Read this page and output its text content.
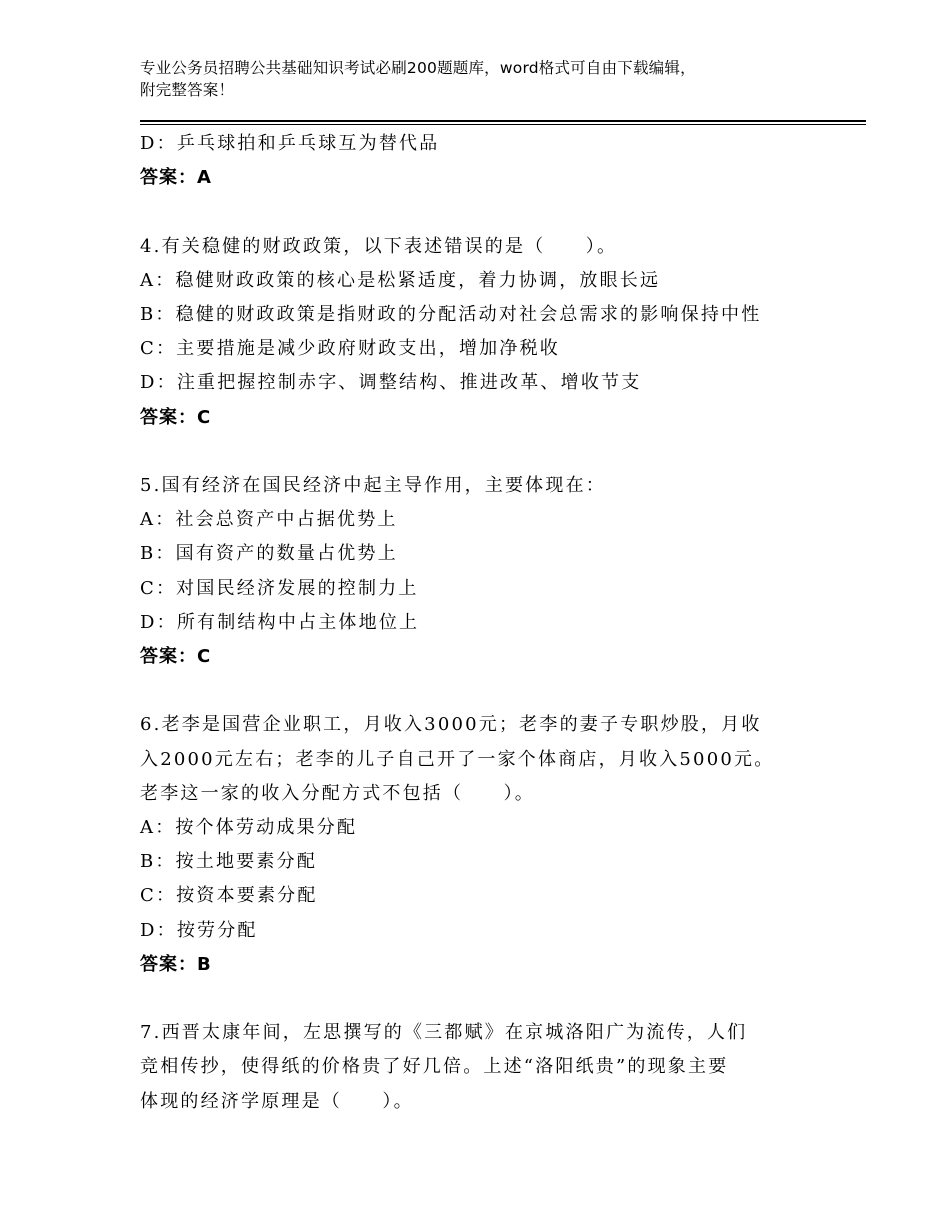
专业公务员招聘公共基础知识考试必刷200题题库，word格式可自由下载编辑，
附完整答案！
D：乒乓球拍和乒乓球互为替代品
答案：A
4.有关稳健的财政政策，以下表述错误的是（　　）。
A：稳健财政政策的核心是松紧适度，着力协调，放眼长远
B：稳健的财政政策是指财政的分配活动对社会总需求的影响保持中性
C：主要措施是减少政府财政支出，增加净税收
D：注重把握控制赤字、调整结构、推进改革、增收节支
答案：C
5.国有经济在国民经济中起主导作用，主要体现在：
A：社会总资产中占据优势上
B：国有资产的数量占优势上
C：对国民经济发展的控制力上
D：所有制结构中占主体地位上
答案：C
6.老李是国营企业职工，月收入3000元；老李的妻子专职炒股，月收
入2000元左右；老李的儿子自己开了一家个体商店，月收入5000元。
老李这一家的收入分配方式不包括（　　）。
A：按个体劳动成果分配
B：按土地要素分配
C：按资本要素分配
D：按劳分配
答案：B
7.西晋太康年间，左思撰写的《三都赋》在京城洛阳广为流传，人们
竞相传抄，使得纸的价格贵了好几倍。上述“洛阳纸贵”的现象主要
体现的经济学原理是（　　）。
